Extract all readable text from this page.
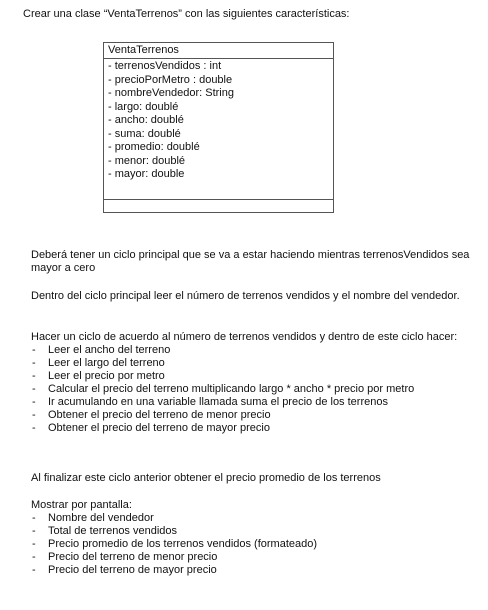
Crear una clase “VentaTerrenos” con las siguientes características:
VentaTerrenos
- terrenosVendidos : int
- precioPorMetro : double
- nombreVendedor: String
- largo: doublé
- ancho: doublé
- suma: doublé
- promedio: doublé
- menor: doublé
- mayor: double

Deberá tener un ciclo principal que se va a estar haciendo mientras terrenosVendidos sea mayor a cero

Dentro del ciclo principal leer el número de terrenos vendidos y el nombre del vendedor.

Hacer un ciclo de acuerdo al número de terrenos vendidos y dentro de este ciclo hacer:

- Leer el ancho del terreno
- Leer el largo del terreno
- Leer el precio por metro
- Calcular el precio del terreno multiplicando largo * ancho * precio por metro
- Ir acumulando en una variable llamada suma el precio de los terrenos
- Obtener el precio del terreno de menor precio
- Obtener el precio del terreno de mayor precio

Al finalizar este ciclo anterior obtener el precio promedio de los terrenos

Mostrar por pantalla:

- Nombre del vendedor
- Total de terrenos vendidos
- Precio promedio de los terrenos vendidos (formateado)
- Precio del terreno de menor precio
- Precio del terreno de mayor precio
